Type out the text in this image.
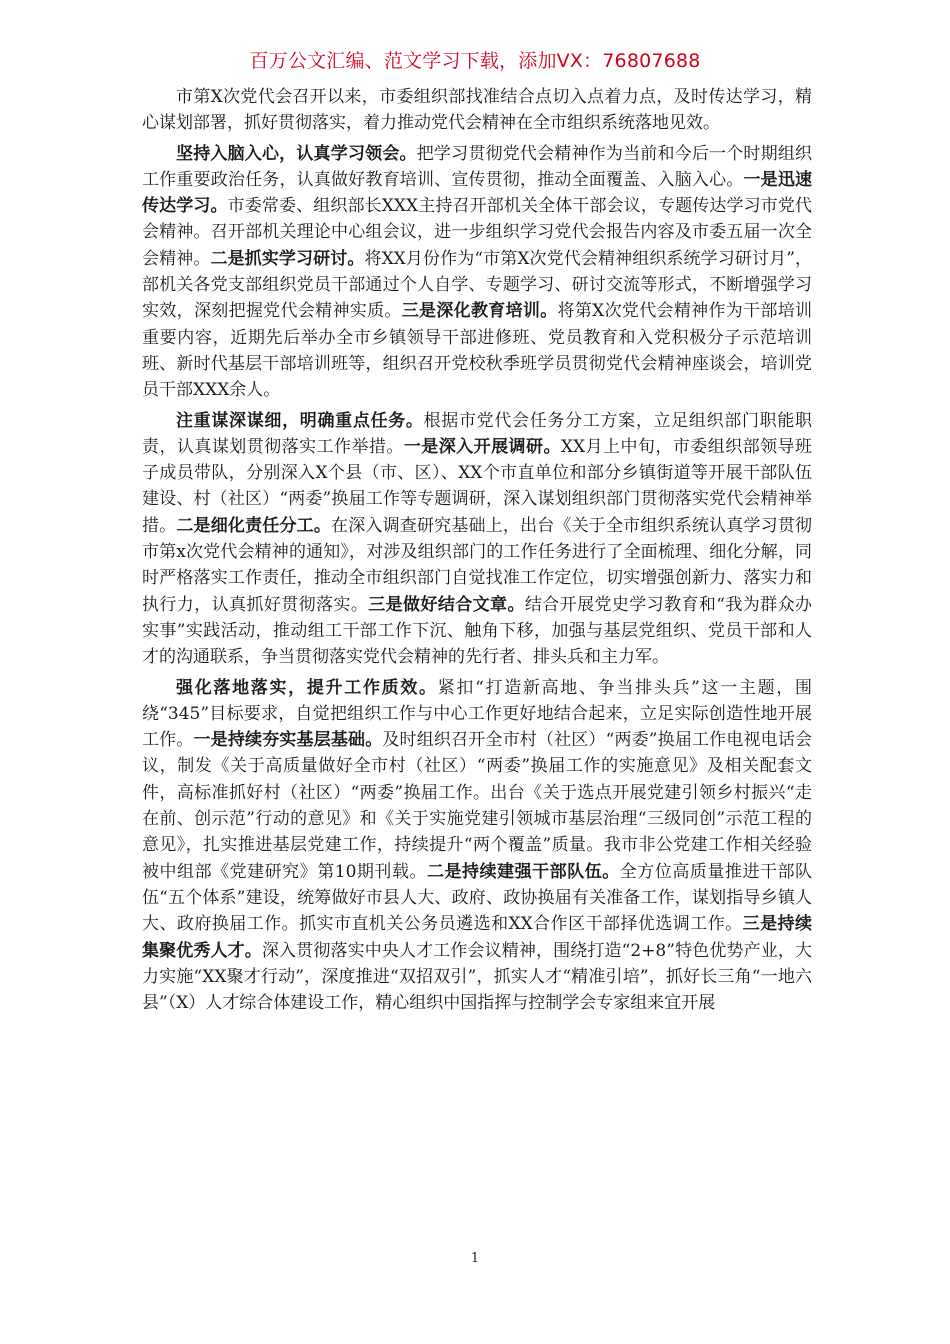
百万公文汇编、范文学习下载，添加VX：76807688

市第X次党代会召开以来，市委组织部找准结合点切入点着力点，及时传达学习，精心谋划部署，抓好贯彻落实，着力推动党代会精神在全市组织系统落地见效。

坚持入脑入心，认真学习领会。把学习贯彻党代会精神作为当前和今后一个时期组织工作重要政治任务，认真做好教育培训、宣传贯彻，推动全面覆盖、入脑入心。一是迅速传达学习。市委常委、组织部长XXX主持召开部机关全体干部会议，专题传达学习市党代会精神。召开部机关理论中心组会议，进一步组织学习党代会报告内容及市委五届一次全会精神。二是抓实学习研讨。将XX月份作为“市第X次党代会精神组织系统学习研讨月”，部机关各党支部组织党员干部通过个人自学、专题学习、研讨交流等形式，不断增强学习实效，深刻把握党代会精神实质。三是深化教育培训。将第X次党代会精神作为干部培训重要内容，近期先后举办全市乡镇领导干部进修班、党员教育和入党积极分子示范培训班、新时代基层干部培训班等，组织召开党校秋季班学员贯彻党代会精神座谈会，培训党员干部XXX余人。

注重谋深谋细，明确重点任务。根据市党代会任务分工方案，立足组织部门职能职责，认真谋划贯彻落实工作举措。一是深入开展调研。XX月上中旬，市委组织部领导班子成员带队，分别深入X个县（市、区）、XX个市直单位和部分乡镇街道等开展干部队伍建设、村（社区）“两委”换届工作等专题调研，深入谋划组织部门贯彻落实党代会精神举措。二是细化责任分工。在深入调查研究基础上，出台《关于全市组织系统认真学习贯彻市第x次党代会精神的通知》，对涉及组织部门的工作任务进行了全面梳理、细化分解，同时严格落实工作责任，推动全市组织部门自觉找准工作定位，切实增强创新力、落实力和执行力，认真抓好贯彻落实。三是做好结合文章。结合开展党史学习教育和“我为群众办实事”实践活动，推动组工干部工作下沉、触角下移，加强与基层党组织、党员干部和人才的沟通联系，争当贯彻落实党代会精神的先行者、排头兵和主力军。

强化落地落实，提升工作质效。紧扣“打造新高地、争当排头兵”这一主题，围绕“345”目标要求，自觉把组织工作与中心工作更好地结合起来，立足实际创造性地开展工作。一是持续夯实基层基础。及时组织召开全市村（社区）“两委”换届工作电视电话会议，制发《关于高质量做好全市村（社区）“两委”换届工作的实施意见》及相关配套文件，高标准抓好村（社区）“两委”换届工作。出台《关于选点开展党建引领乡村振兴“走在前、创示范”行动的意见》和《关于实施党建引领城市基层治理“三级同创”示范工程的意见》，扎实推进基层党建工作，持续提升“两个覆盖”质量。我市非公党建工作相关经验被中组部《党建研究》第10期刊载。二是持续建强干部队伍。全方位高质量推进干部队伍“五个体系”建设，统筹做好市县人大、政府、政协换届有关准备工作，谋划指导乡镇人大、政府换届工作。抓实市直机关公务员遴选和XX合作区干部择优选调工作。三是持续集聚优秀人才。深入贯彻落实中央人才工作会议精神，围绕打造“2+8”特色优势产业，大力实施“XX聚才行动”，深度推进“双招双引”，抓实人才“精准引培”，抓好长三角“一地六县”（X）人才综合体建设工作，精心组织中国指挥与控制学会专家组来宜开展

1
